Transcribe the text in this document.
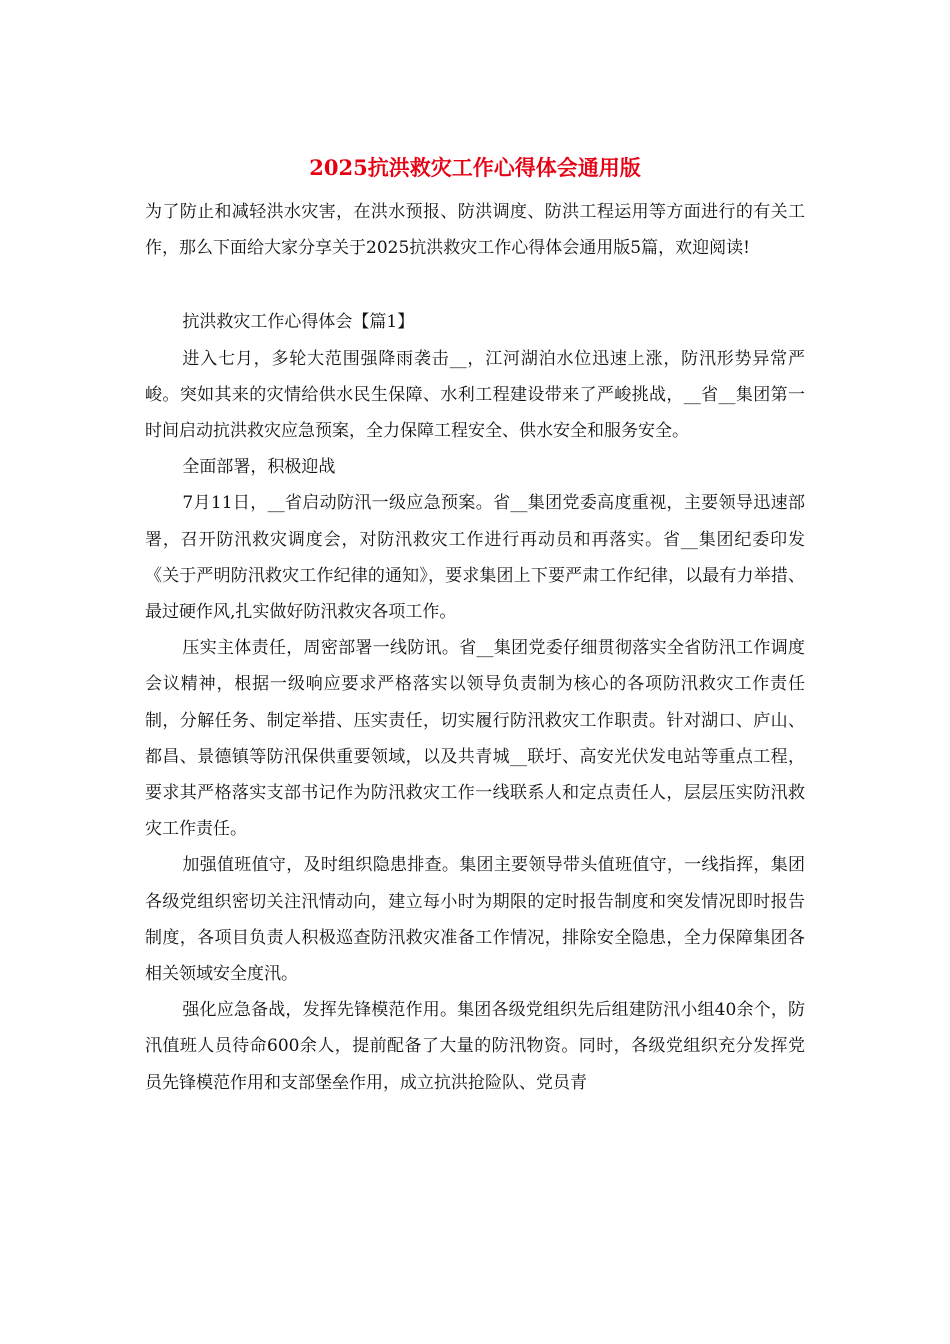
2025抗洪救灾工作心得体会通用版

为了防止和减轻洪水灾害，在洪水预报、防洪调度、防洪工程运用等方面进行的有关工作，那么下面给大家分享关于2025抗洪救灾工作心得体会通用版5篇，欢迎阅读!

抗洪救灾工作心得体会【篇1】

进入七月，多轮大范围强降雨袭击__，江河湖泊水位迅速上涨，防汛形势异常严峻。突如其来的灾情给供水民生保障、水利工程建设带来了严峻挑战，__省__集团第一时间启动抗洪救灾应急预案，全力保障工程安全、供水安全和服务安全。

全面部署，积极迎战

7月11日，__省启动防汛一级应急预案。省__集团党委高度重视，主要领导迅速部署，召开防汛救灾调度会，对防汛救灾工作进行再动员和再落实。省__集团纪委印发《关于严明防汛救灾工作纪律的通知》，要求集团上下要严肃工作纪律，以最有力举措、最过硬作风,扎实做好防汛救灾各项工作。

压实主体责任，周密部署一线防讯。省__集团党委仔细贯彻落实全省防汛工作调度会议精神，根据一级响应要求严格落实以领导负责制为核心的各项防汛救灾工作责任制，分解任务、制定举措、压实责任，切实履行防汛救灾工作职责。针对湖口、庐山、都昌、景德镇等防汛保供重要领域，以及共青城__联圩、高安光伏发电站等重点工程，要求其严格落实支部书记作为防汛救灾工作一线联系人和定点责任人，层层压实防汛救灾工作责任。

加强值班值守，及时组织隐患排查。集团主要领导带头值班值守，一线指挥，集团各级党组织密切关注汛情动向，建立每小时为期限的定时报告制度和突发情况即时报告制度，各项目负责人积极巡查防汛救灾准备工作情况，排除安全隐患，全力保障集团各相关领域安全度汛。

强化应急备战，发挥先锋模范作用。集团各级党组织先后组建防汛小组40余个，防汛值班人员待命600余人，提前配备了大量的防汛物资。同时，各级党组织充分发挥党员先锋模范作用和支部堡垒作用，成立抗洪抢险队、党员青
